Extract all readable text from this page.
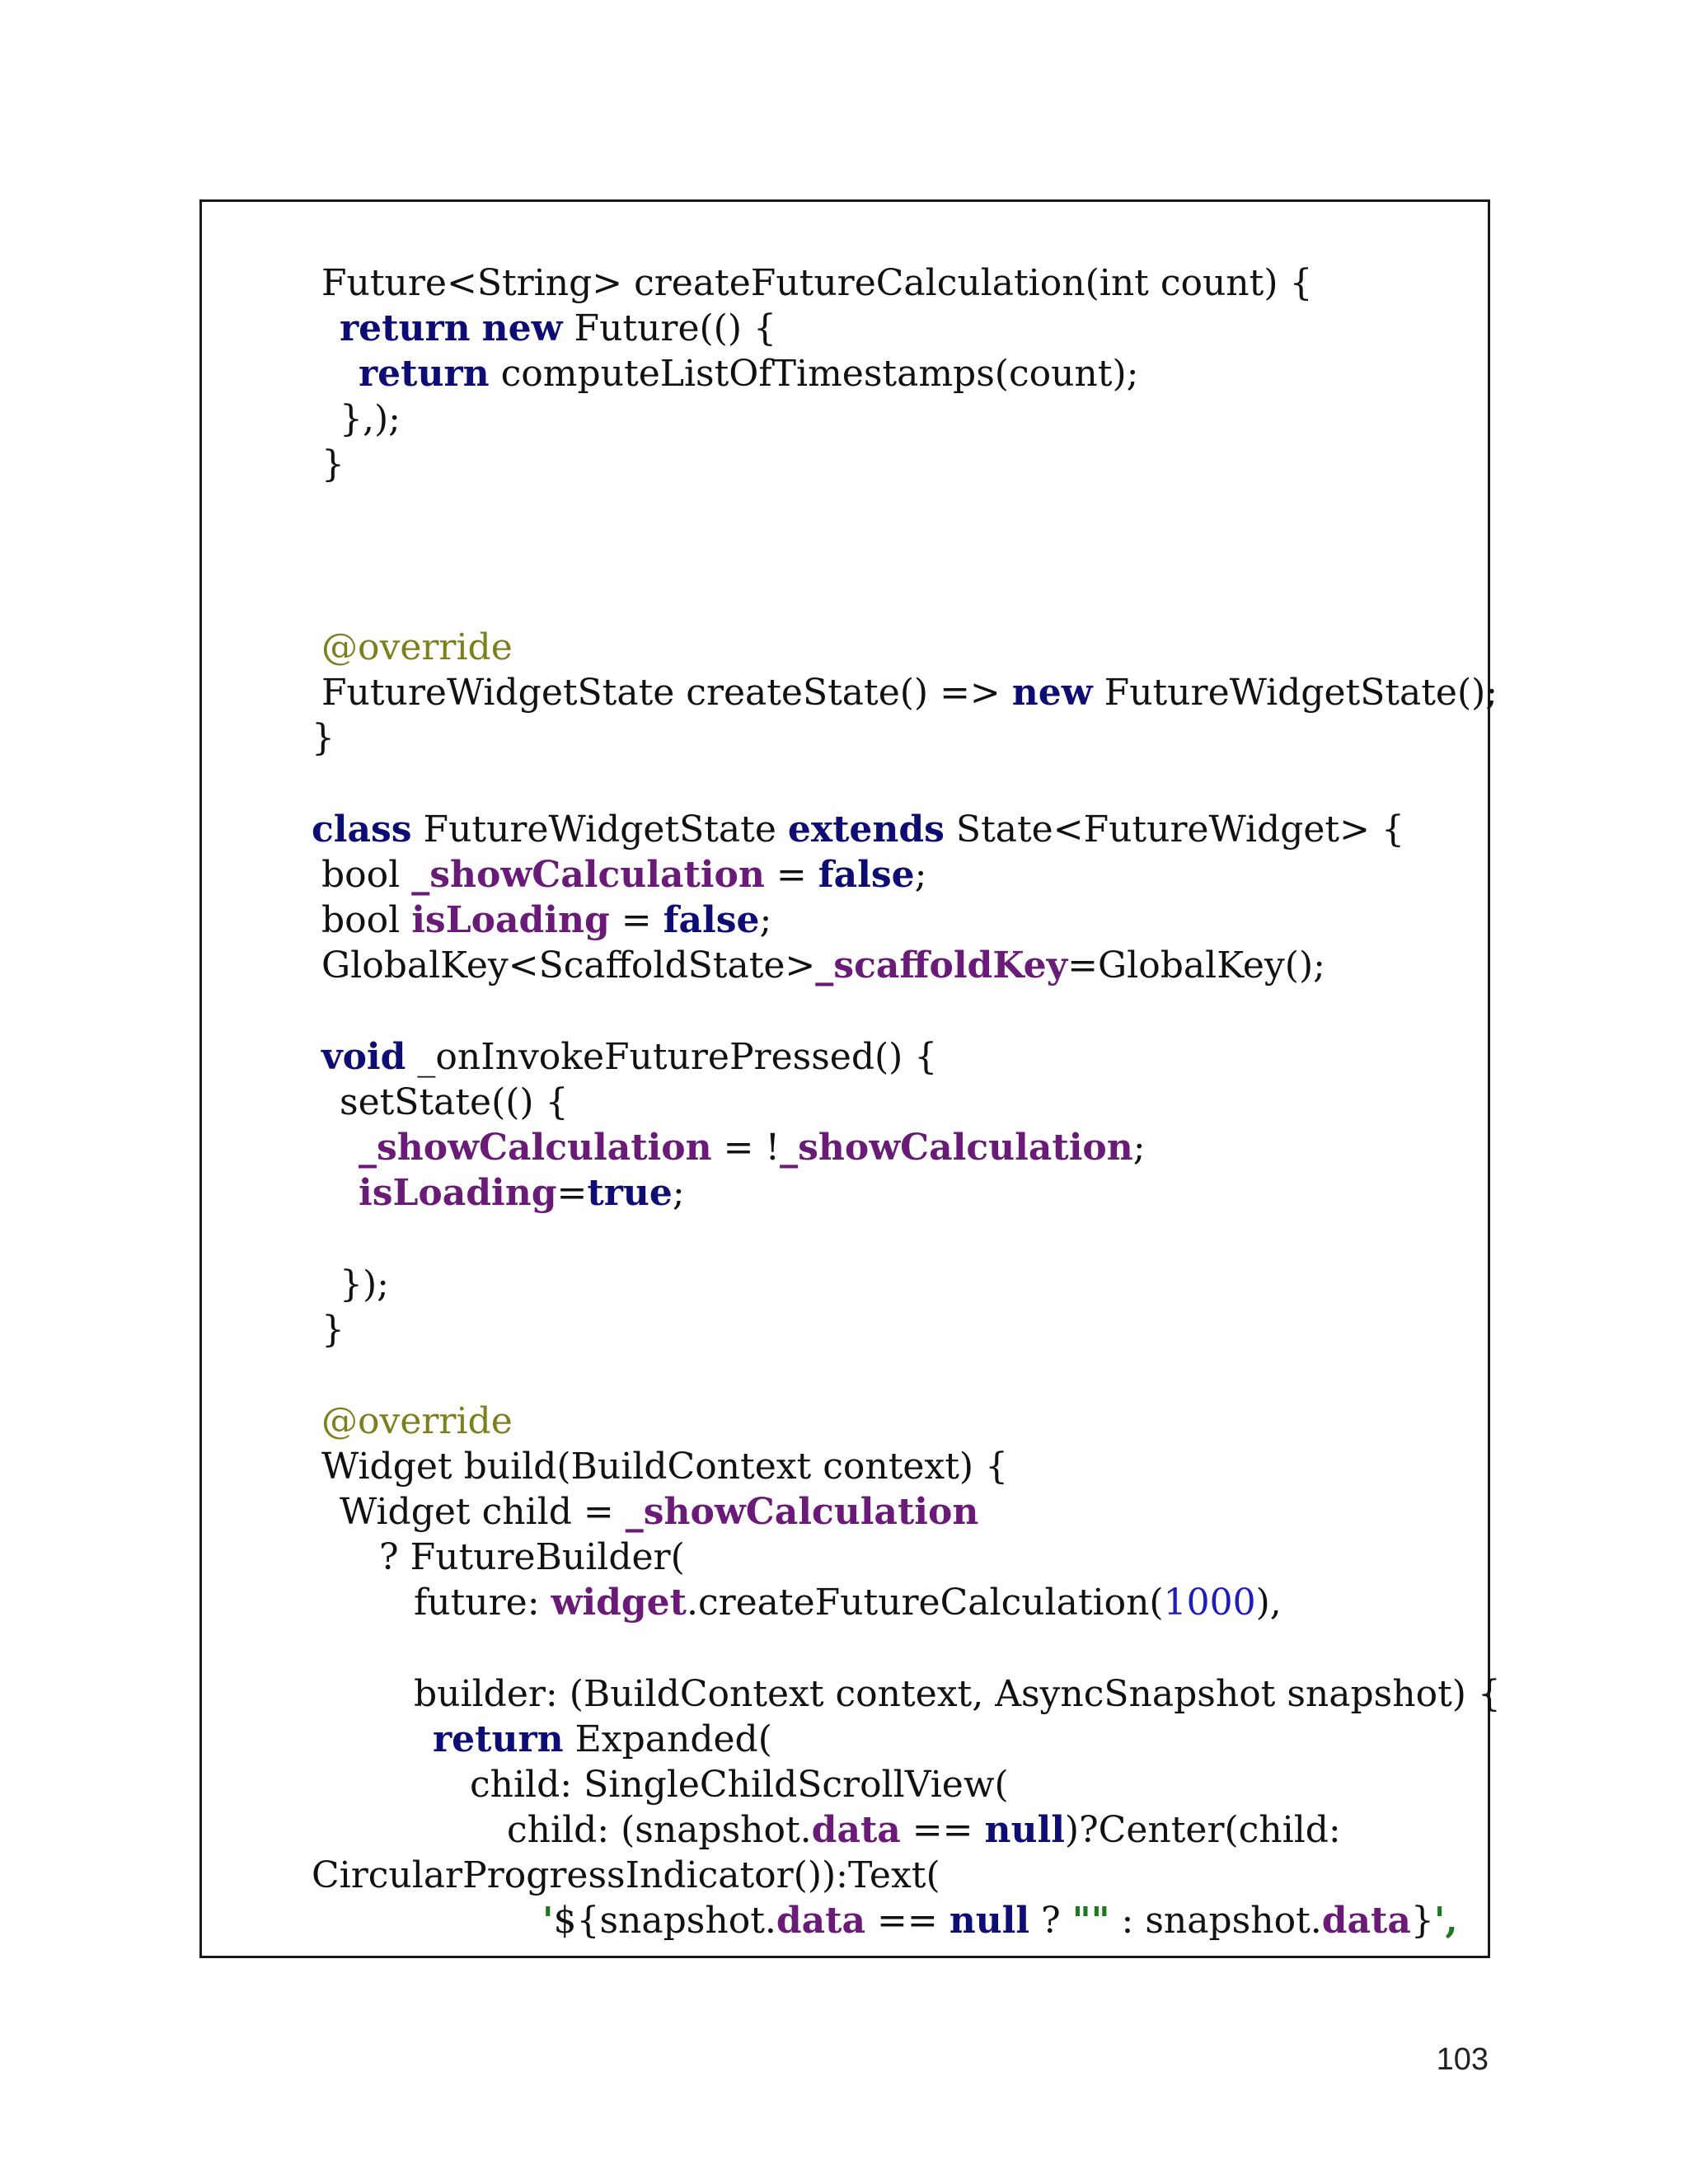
Future<String> createFutureCalculation(int count) {
return new Future(() {
return computeListOfTimestamps(count);
},);
}
@override
FutureWidgetState createState() => new FutureWidgetState();
}
class FutureWidgetState extends State<FutureWidget> {
bool _showCalculation = false;
bool isLoading = false;
GlobalKey<ScaffoldState>_scaffoldKey=GlobalKey();
void _onInvokeFuturePressed() {
setState(() {
_showCalculation = !_showCalculation;
isLoading=true;
});
}
@override
Widget build(BuildContext context) {
Widget child = _showCalculation
? FutureBuilder(
future: widget.createFutureCalculation(1000),
builder: (BuildContext context, AsyncSnapshot snapshot) {
return Expanded(
child: SingleChildScrollView(
child: (snapshot.data == null)?Center(child:
CircularProgressIndicator()):Text(
'${snapshot.data == null ? "" : snapshot.data}',
103
